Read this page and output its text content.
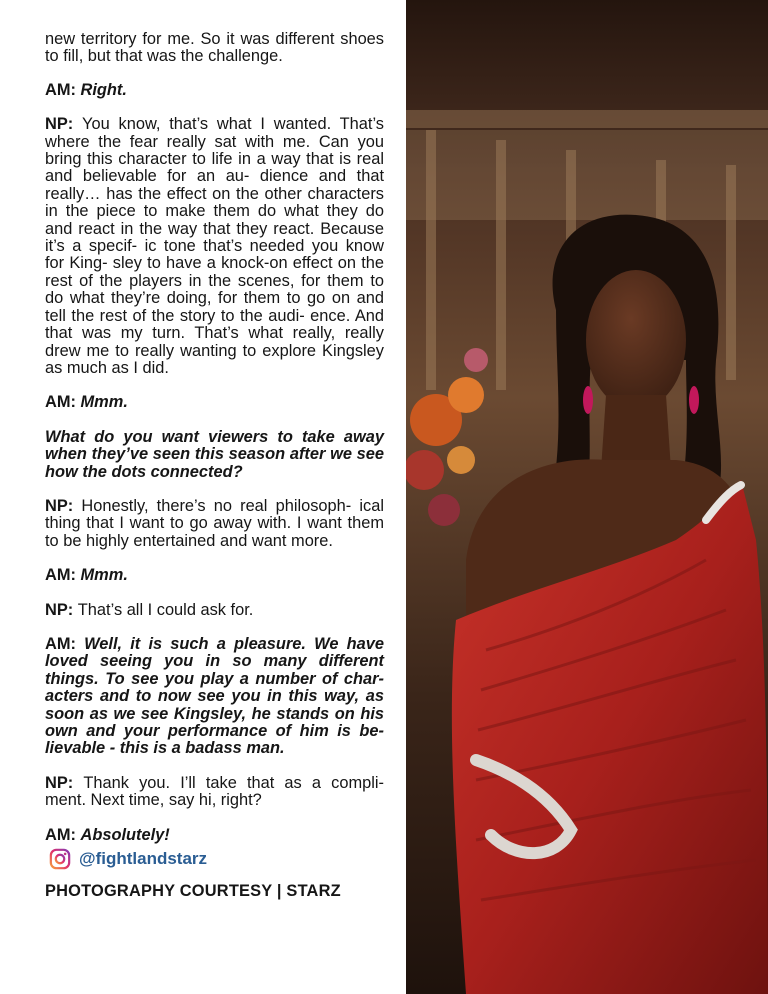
new territory for me. So it was different shoes to fill, but that was the challenge.

AM: Right.

NP: You know, that’s what I wanted. That’s where the fear really sat with me. Can you bring this character to life in a way that is real and believable for an au- dience and that really… has the effect on the other characters in the piece to make them do what they do and react in the way that they react. Because it’s a specif- ic tone that’s needed you know for King- sley to have a knock-on effect on the rest of the players in the scenes, for them to do what they’re doing, for them to go on and tell the rest of the story to the audi- ence. And that was my turn. That’s what really, really drew me to really wanting to explore Kingsley as much as I did.

AM: Mmm.

What do you want viewers to take away when they’ve seen this season after we see how the dots connected?

NP: Honestly, there’s no real philosoph- ical thing that I want to go away with. I want them to be highly entertained and want more.

AM: Mmm.

NP: That’s all I could ask for.

AM: Well, it is such a pleasure. We have loved seeing you in so many different things. To see you play a number of char- acters and to now see you in this way, as soon as we see Kingsley, he stands on his own and your performance of him is be- lievable - this is a badass man.

NP: Thank you. I’ll take that as a compli- ment. Next time, say hi, right?

AM: Absolutely!

@fightlandstarz
PHOTOGRAPHY COURTESY | STARZ
